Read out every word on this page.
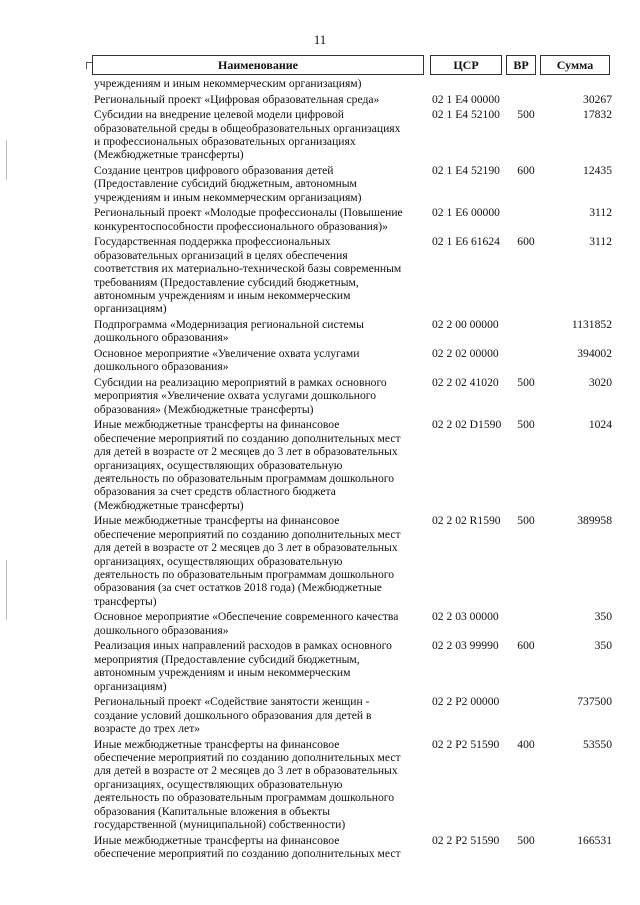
11
Наименование	ЦСР	ВР	Сумма
учреждениям и иным некоммерческим организациям)
Региональный проект «Цифровая образовательная среда»	02 1 E4 00000	30267
Субсидии на внедрение целевой модели цифровой
образовательной среды в общеобразовательных организациях
и профессиональных образовательных организациях
(Межбюджетные трансферты)
02 1 E4 52100	500	17832
Создание центров цифрового образования детей
(Предоставление субсидий бюджетным, автономным
учреждениям и иным некоммерческим организациям)
02 1 E4 52190	600	12435
Региональный проект «Молодые профессионалы (Повышение
конкурентоспособности профессионального образования)»
02 1 E6 00000	3112
Государственная поддержка профессиональных
образовательных организаций в целях обеспечения
соответствия их материально-технической базы современным
требованиям (Предоставление субсидий бюджетным,
автономным учреждениям и иным некоммерческим
организациям)
02 1 E6 61624	600	3112
Подпрограмма «Модернизация региональной системы
дошкольного образования»
02 2 00 00000	1131852
Основное мероприятие «Увеличение охвата услугами
дошкольного образования»
02 2 02 00000	394002
Субсидии на реализацию мероприятий в рамках основного
мероприятия «Увеличение охвата услугами дошкольного
образования» (Межбюджетные трансферты)
02 2 02 41020	500	3020
Иные межбюджетные трансферты на финансовое
обеспечение мероприятий по созданию дополнительных мест
для детей в возрасте от 2 месяцев до 3 лет в образовательных
организациях, осуществляющих образовательную
деятельность по образовательным программам дошкольного
образования за счет средств областного бюджета
(Межбюджетные трансферты)
02 2 02 D1590	500	1024
Иные межбюджетные трансферты на финансовое
обеспечение мероприятий по созданию дополнительных мест
для детей в возрасте от 2 месяцев до 3 лет в образовательных
организациях, осуществляющих образовательную
деятельность по образовательным программам дошкольного
образования (за счет остатков 2018 года) (Межбюджетные
трансферты)
02 2 02 R1590	500	389958
Основное мероприятие «Обеспечение современного качества
дошкольного образования»
02 2 03 00000	350
Реализация иных направлений расходов в рамках основного
мероприятия (Предоставление субсидий бюджетным,
автономным учреждениям и иным некоммерческим
организациям)
02 2 03 99990	600	350
Региональный проект «Содействие занятости женщин -
создание условий дошкольного образования для детей в
возрасте до трех лет»
02 2 P2 00000	737500
Иные межбюджетные трансферты на финансовое
обеспечение мероприятий по созданию дополнительных мест
для детей в возрасте от 2 месяцев до 3 лет в образовательных
организациях, осуществляющих образовательную
деятельность по образовательным программам дошкольного
образования (Капитальные вложения в объекты
государственной (муниципальной) собственности)
02 2 P2 51590	400	53550
Иные межбюджетные трансферты на финансовое
обеспечение мероприятий по созданию дополнительных мест
02 2 P2 51590	500	166531
